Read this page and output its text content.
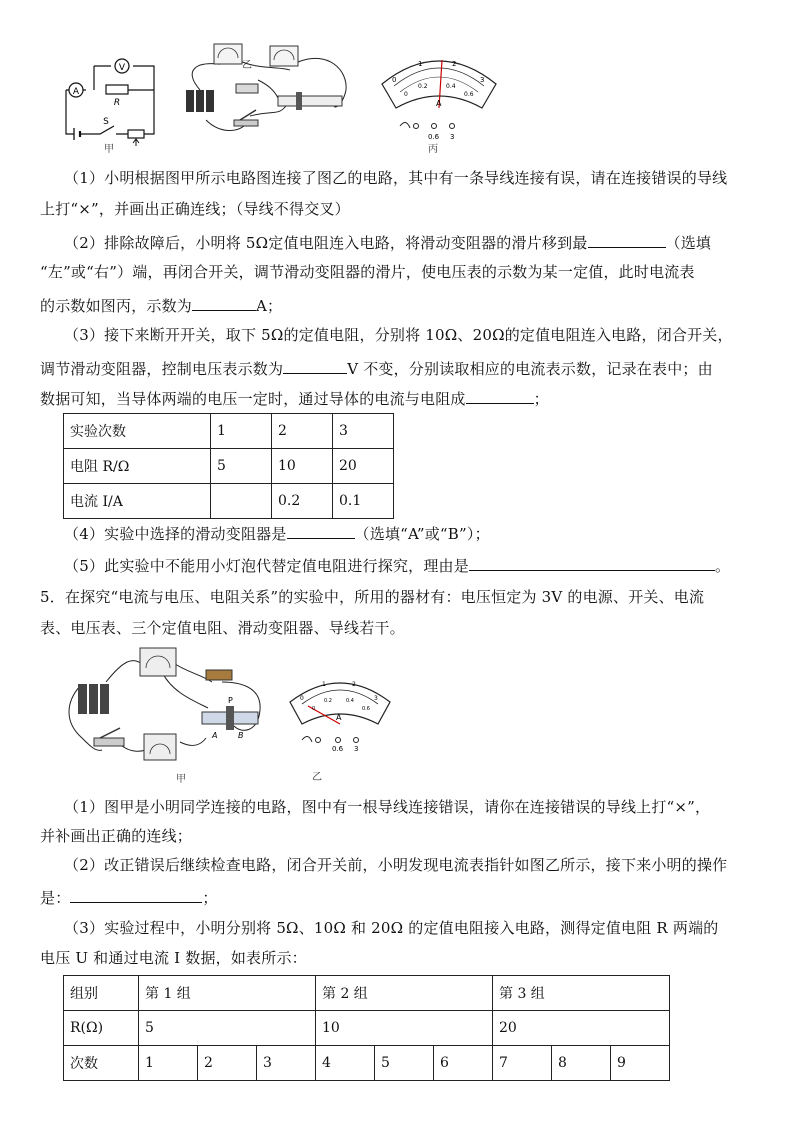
A
V
R
S
甲
乙
0
1	2
3
0
0.2	0.4
0.6
A
0.6 3
丙
（1）小明根据图甲所示电路图连接了图乙的电路，其中有一条导线连接有误，请在连接错误的导线
上打“×”，并画出正确连线；（导线不得交叉）
（2）排除故障后，小明将 5Ω定值电阻连入电路，将滑动变阻器的滑片移到最	（选填
“左”或“右”）端，再闭合开关，调节滑动变阻器的滑片，使电压表的示数为某一定值，此时电流表
的示数如图丙，示数为	A；
（3）接下来断开开关，取下 5Ω的定值电阻，分别将 10Ω、20Ω的定值电阻连入电路，闭合开关，
调节滑动变阻器，控制电压表示数为	V 不变，分别读取相应的电流表示数，记录在表中；由
数据可知，当导体两端的电压一定时，通过导体的电流与电阻成	；
实验次数	1	2	3
电阻 R/Ω	5	10	20
电流 I/A		0.2	0.1
（4）实验中选择的滑动变阻器是	（选填“A”或“B”）；
（5）此实验中不能用小灯泡代替定值电阻进行探究，理由是	。
5．在探究“电流与电压、电阻关系”的实验中，所用的器材有：电压恒定为 3V 的电源、开关、电流
表、电压表、三个定值电阻、滑动变阻器、导线若干。
P
A	B
甲
0
1	2
3
0
0.2	0.4
0.6
A
0.6 3
乙
（1）图甲是小明同学连接的电路，图中有一根导线连接错误，请你在连接错误的导线上打“×”，
并补画出正确的连线；
（2）改正错误后继续检查电路，闭合开关前，小明发现电流表指针如图乙所示，接下来小明的操作
是：	；
（3）实验过程中，小明分别将 5Ω、10Ω 和 20Ω 的定值电阻接入电路，测得定值电阻 R 两端的
电压 U 和通过电流 I 数据，如表所示：
组别	第 1 组			第 2 组			第 3 组		
R(Ω)	5			10			20		
次数	1	2	3	4	5	6	7	8	9
